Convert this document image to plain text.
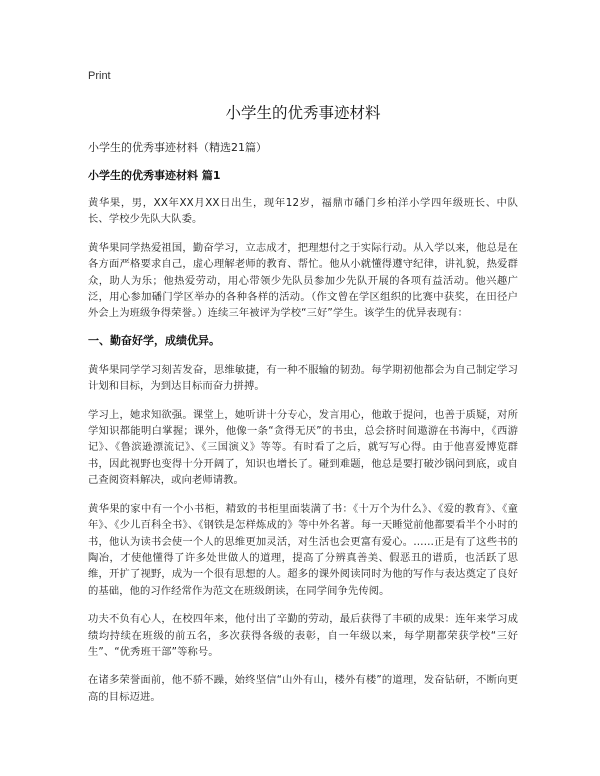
Print
小学生的优秀事迹材料
小学生的优秀事迹材料（精选21篇）
小学生的优秀事迹材料 篇1

黄华果，男，XX年XX月XX日出生，现年12岁，福鼎市磻门乡柏洋小学四年级班长、中队长、学校少先队大队委。

黄华果同学热爱祖国，勤奋学习，立志成才，把理想付之于实际行动。从入学以来，他总是在各方面严格要求自己，虚心理解老师的教育、帮忙。他从小就懂得遵守纪律，讲礼貌，热爱群众，助人为乐；他热爱劳动，用心带领少先队员参加少先队开展的各项有益活动。他兴趣广泛，用心参加磻门学区举办的各种各样的活动。（作文曾在学区组织的比赛中获奖，在田径户外会上为班级争得荣誉。）连续三年被评为学校“三好”学生。该学生的优异表现有：

一、勤奋好学，成绩优异。

黄华果同学学习刻苦发奋，思维敏捷，有一种不服输的韧劲。每学期初他都会为自己制定学习计划和目标，为到达目标而奋力拼搏。

学习上，她求知欲强。课堂上，她听讲十分专心，发言用心，他敢于提问，也善于质疑，对所学知识都能明白掌握；课外，他像一条“贪得无厌”的书虫，总会挤时间遨游在书海中，《西游记》、《鲁滨逊漂流记》、《三国演义》等等。有时看了之后，就写写心得。由于他喜爱博览群书，因此视野也变得十分开阔了，知识也增长了。碰到难题，他总是要打破沙锅问到底，或自己查阅资料解决，或向老师请教。

黄华果的家中有一个小书柜，精致的书柜里面装满了书：《十万个为什么》、《爱的教育》、《童年》、《少儿百科全书》、《钢铁是怎样炼成的》等中外名著。每一天睡觉前他都要看半个小时的书，他认为读书会使一个人的思维更加灵活，对生活也会更富有爱心。……正是有了这些书的陶冶，才使他懂得了许多处世做人的道理，提高了分辨真善美、假恶丑的谱质，也活跃了思维，开扩了视野，成为一个很有思想的人。超多的课外阅读同时为他的写作与表达奠定了良好的基础，他的习作经常作为范文在班级朗读，在同学间争先传阅。

功夫不负有心人，在校四年来，他付出了辛勤的劳动，最后获得了丰硕的成果：连年来学习成绩均持续在班级的前五名，多次获得各级的表彰，自一年级以来，每学期都荣获学校“三好生”、“优秀班干部”等称号。

在诸多荣誉面前，他不骄不躁，始终坚信“山外有山，楼外有楼”的道理，发奋钻研，不断向更高的目标迈进。
